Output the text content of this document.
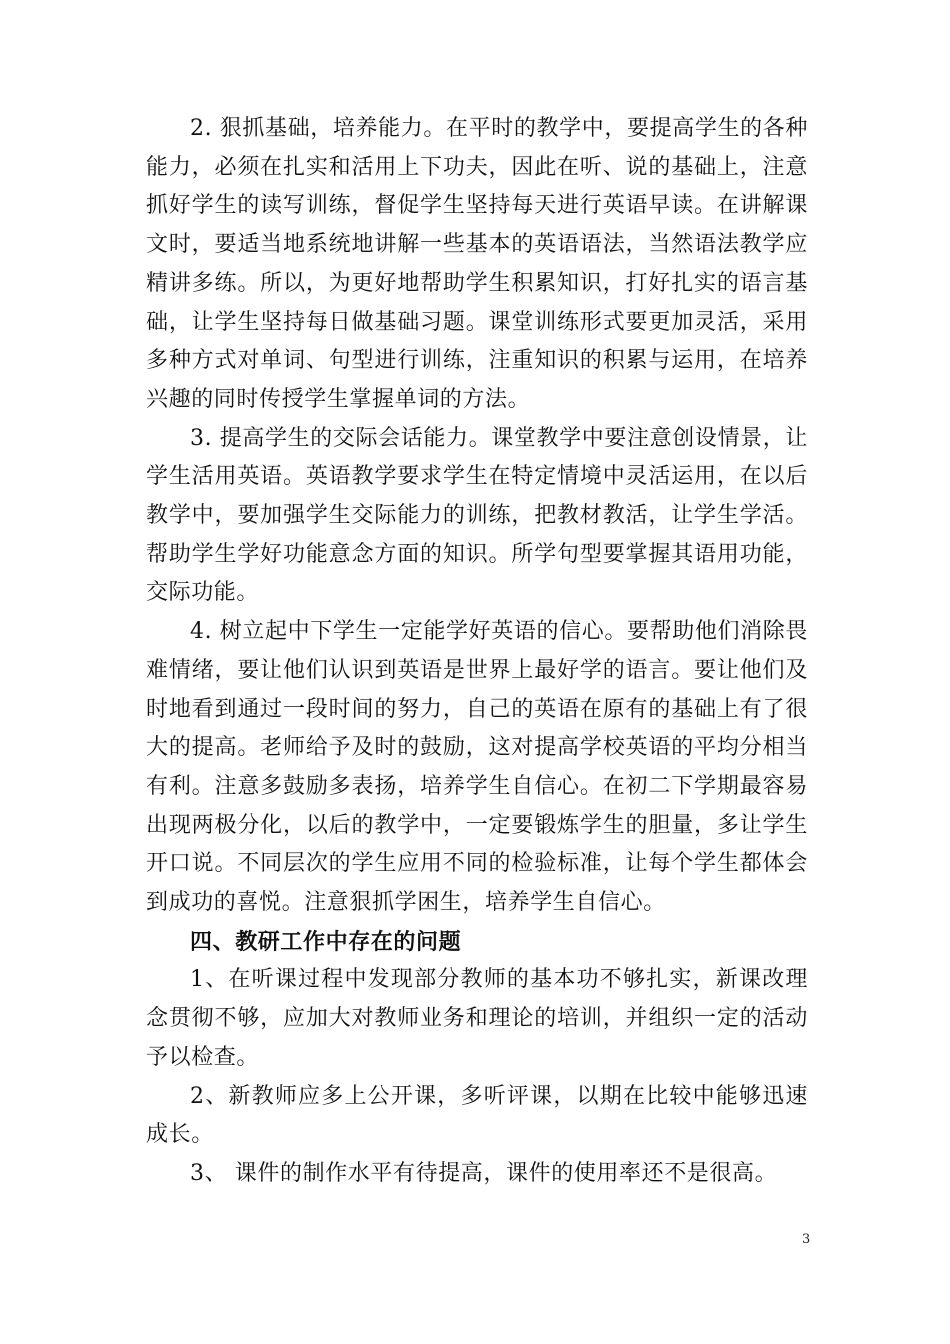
2. 狠抓基础，培养能力。在平时的教学中，要提高学生的各种能力，必须在扎实和活用上下功夫，因此在听、说的基础上，注意抓好学生的读写训练，督促学生坚持每天进行英语早读。在讲解课文时，要适当地系统地讲解一些基本的英语语法，当然语法教学应精讲多练。所以，为更好地帮助学生积累知识，打好扎实的语言基础，让学生坚持每日做基础习题。课堂训练形式要更加灵活，采用多种方式对单词、句型进行训练，注重知识的积累与运用，在培养兴趣的同时传授学生掌握单词的方法。

3. 提高学生的交际会话能力。课堂教学中要注意创设情景，让学生活用英语。英语教学要求学生在特定情境中灵活运用，在以后教学中，要加强学生交际能力的训练，把教材教活，让学生学活。帮助学生学好功能意念方面的知识。所学句型要掌握其语用功能，交际功能。

4. 树立起中下学生一定能学好英语的信心。要帮助他们消除畏难情绪，要让他们认识到英语是世界上最好学的语言。要让他们及时地看到通过一段时间的努力，自己的英语在原有的基础上有了很大的提高。老师给予及时的鼓励，这对提高学校英语的平均分相当有利。注意多鼓励多表扬，培养学生自信心。在初二下学期最容易出现两极分化，以后的教学中，一定要锻炼学生的胆量，多让学生开口说。不同层次的学生应用不同的检验标准，让每个学生都体会到成功的喜悦。注意狠抓学困生，培养学生自信心。

四、教研工作中存在的问题

1、在听课过程中发现部分教师的基本功不够扎实，新课改理念贯彻不够，应加大对教师业务和理论的培训，并组织一定的活动予以检查。

2、新教师应多上公开课，多听评课，以期在比较中能够迅速成长。

3、 课件的制作水平有待提高，课件的使用率还不是很高。

3
